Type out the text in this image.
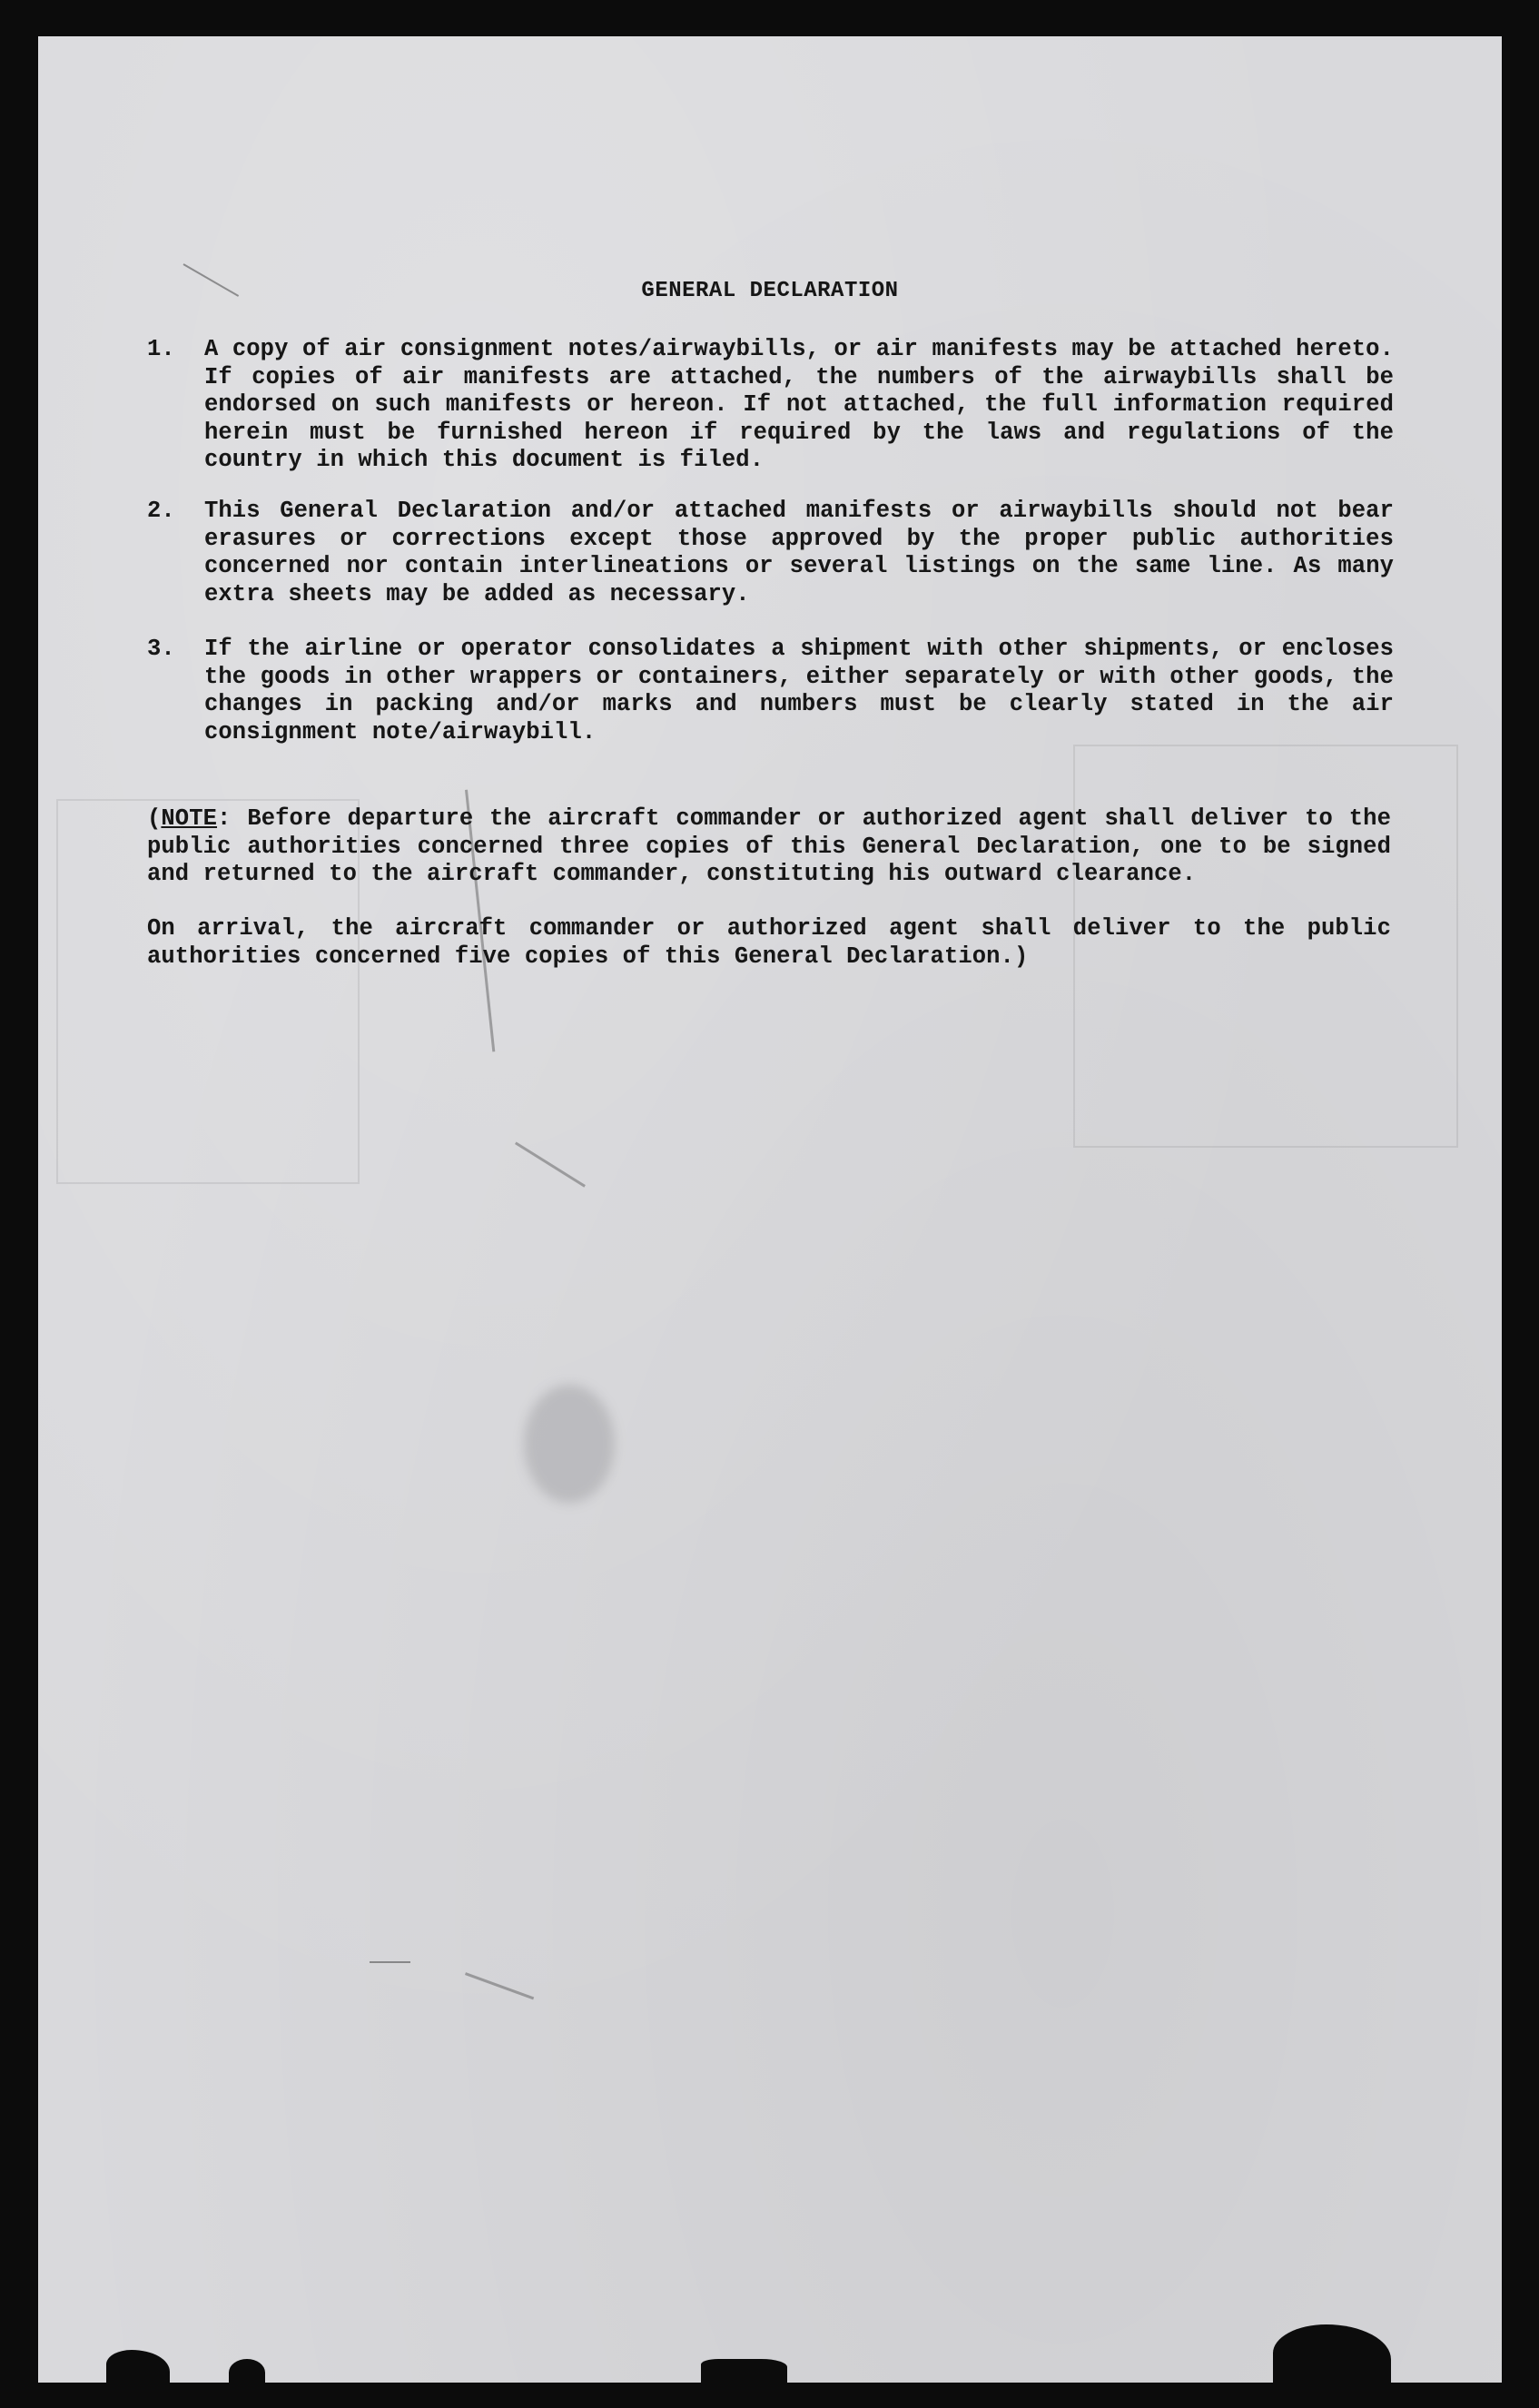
GENERAL DECLARATION
1. A copy of air consignment notes/airwaybills, or air manifests may be attached hereto. If copies of air manifests are attached, the numbers of the airwaybills shall be endorsed on such manifests or hereon. If not attached, the full information required herein must be furnished hereon if required by the laws and regulations of the country in which this document is filed.
2. This General Declaration and/or attached manifests or airwaybills should not bear erasures or corrections except those approved by the proper public authorities concerned nor contain interlineations or several listings on the same line. As many extra sheets may be added as necessary.
3. If the airline or operator consolidates a shipment with other shipments, or encloses the goods in other wrappers or containers, either separately or with other goods, the changes in packing and/or marks and numbers must be clearly stated in the air consignment note/airwaybill.
( NOTE: Before departure the aircraft commander or authorized agent shall deliver to the public authorities concerned three copies of this General Declaration, one to be signed and returned to the aircraft commander, constituting his outward clearance.
On arrival, the aircraft commander or authorized agent shall deliver to the public authorities concerned five copies of this General Declaration.)
